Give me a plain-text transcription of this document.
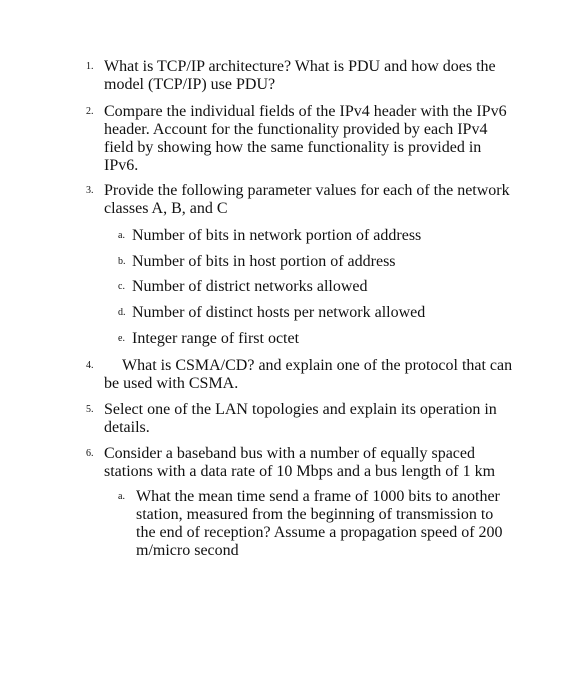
1. What is TCP/IP architecture? What is PDU and how does the model (TCP/IP) use PDU?
2. Compare the individual fields of the IPv4 header with the IPv6 header. Account for the functionality provided by each IPv4 field by showing how the same functionality is provided in IPv6.
3. Provide the following parameter values for each of the network classes A, B, and C
a. Number of bits in network portion of address
b. Number of bits in host portion of address
c. Number of district networks allowed
d. Number of distinct hosts per network allowed
e. Integer range of first octet
4.	What is CSMA/CD? and explain one of the protocol that can be used with CSMA.
5. Select one of the LAN topologies and explain its operation in details.
6. Consider a baseband bus with a number of equally spaced stations with a data rate of 10 Mbps and a bus length of 1 km
a. What the mean time send a frame of 1000 bits to another station, measured from the beginning of transmission to the end of reception? Assume a propagation speed of 200 m/micro second
